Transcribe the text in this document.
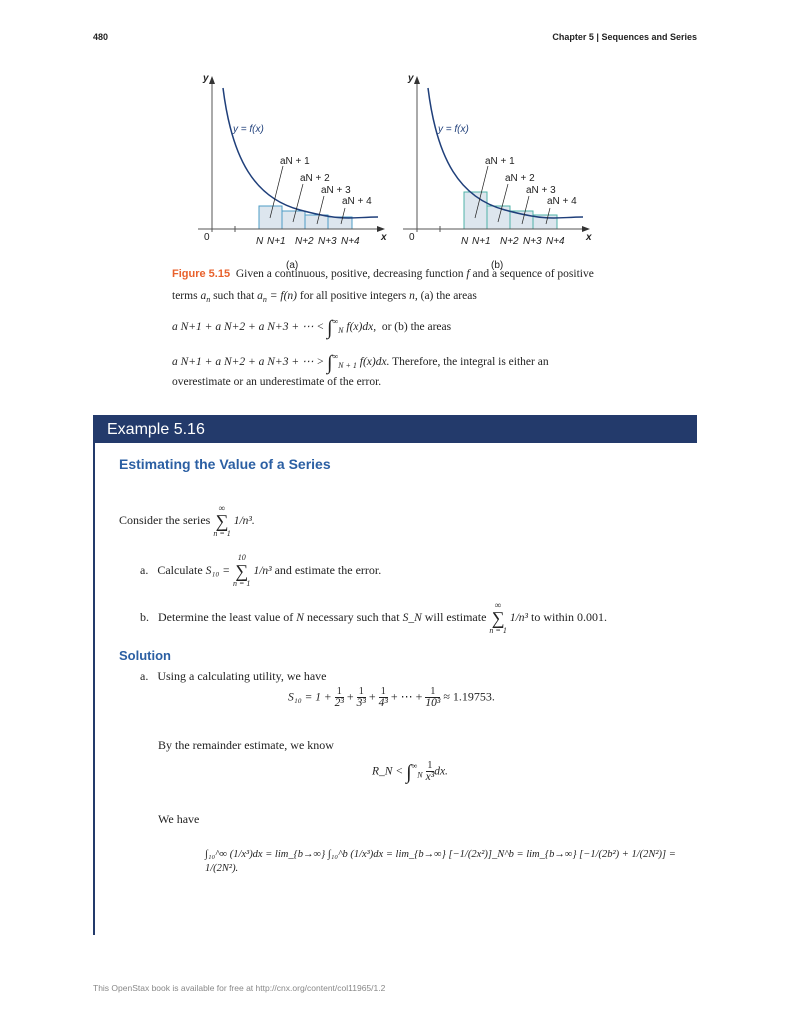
480	Chapter 5 | Sequences and Series
y
x
0
y = f(x)
N N+1 N+2 N+3 N+4
aN + 1
aN + 2
aN + 3
aN + 4
(a)
y
x
0
y = f(x)
N N+1 N+2 N+3 N+4
aN + 1
aN + 2
aN + 3
aN + 4
(b)
Figure 5.15 Given a continuous, positive, decreasing function f and a sequence of positive
terms $a_n$ such that $a_n = f(n)$ for all positive integers n, (a) the areas
a N+1 + a N+2 + a N+3 + ⋯ < $\int^\infty_N$ f(x)dx, or (b) the areas
a N+1 + a N+2 + a N+3 + ⋯ > $\int^\infty_{N + 1}$ f(x)dx. Therefore, the integral is either an
overestimate or an underestimate of the error.
Example 5.16
Estimating the Value of a Series
Consider the series
∞
∑
n = 1
1/n³.
a. Calculate S₁₀ =
10
∑
n = 1
1/n³ and estimate the error.
b. Determine the least value of N necessary such that S_N will estimate
∞
∑
n = 1
1/n³ to within 0.001.
Solution
a. Using a calculating utility, we have
$S_{10} = 1 + \frac{1}{\text{2³}} + \frac{1}{\text{3³}} + \frac{1}{\text{4³}}$ + ⋯ + $\frac{1}{\text{10³}} \approx 1.19753$.
By the remainder estimate, we know
R_N < $\int^\infty_N \frac{1}{\text{x³}}$ dx.
We have
∫₁₀^∞ (1/x³)dx = lim_{b→∞} ∫₁₀^b (1/x³)dx = lim_{b→∞} [−1/(2x²)]_N^b = lim_{b→∞} [−1/(2b²) + 1/(2N²)] = 1/(2N²).
This OpenStax book is available for free at http://cnx.org/content/col11965/1.2
